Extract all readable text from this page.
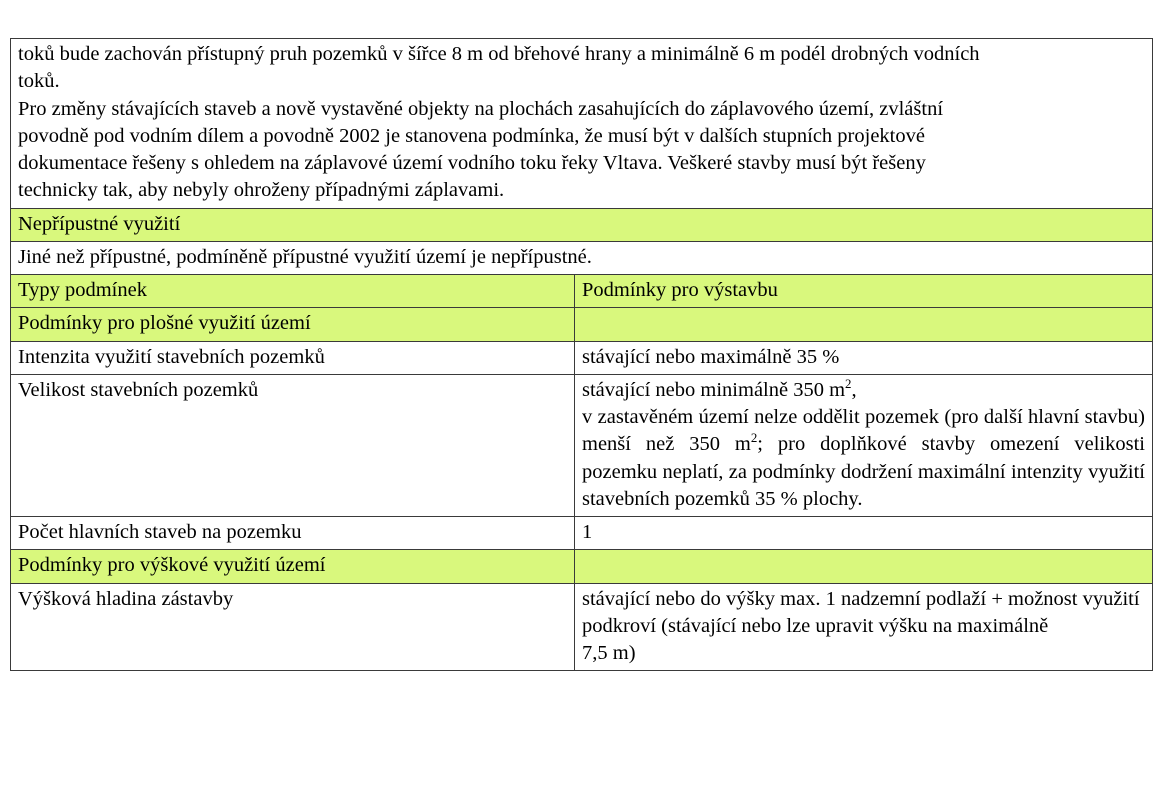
toků bude zachován přístupný pruh pozemků v šířce 8 m od břehové hrany a minimálně 6 m podél drobných vodních

toků.

Pro změny stávajících staveb a nově vystavěné objekty na plochách zasahujících do záplavového území, zvláštní

povodně pod vodním dílem a povodně 2002 je stanovena podmínka, že musí být v dalších stupních projektové

dokumentace řešeny s ohledem na záplavové území vodního toku řeky Vltava. Veškeré stavby musí být řešeny

technicky tak, aby nebyly ohroženy případnými záplavami.

Nepřípustné využití	
Jiné než přípustné, podmíněně přípustné využití území je nepřípustné.	
Typy podmínek	Podmínky pro výstavbu
Podmínky pro plošné využití území	
Intenzita využití stavebních pozemků	stávající nebo maximálně 35 %
Velikost stavebních pozemků	stávající nebo minimálně 350 $m^2$,

v zastavěném území nelze oddělit pozemek (pro další hlavní stavbu) menší než 350 $m^2$; pro doplňkové stavby omezení velikosti pozemku neplatí, za podmínky dodržení maximální intenzity využití stavebních pozemků 35 % plochy.

Počet hlavních staveb na pozemku	1
Podmínky pro výškové využití území	
Výšková hladina zástavby	stávající nebo do výšky max. 1 nadzemní podlaží + možnost využití podkroví (stávající nebo lze upravit výšku na maximálně

7,5 m)
